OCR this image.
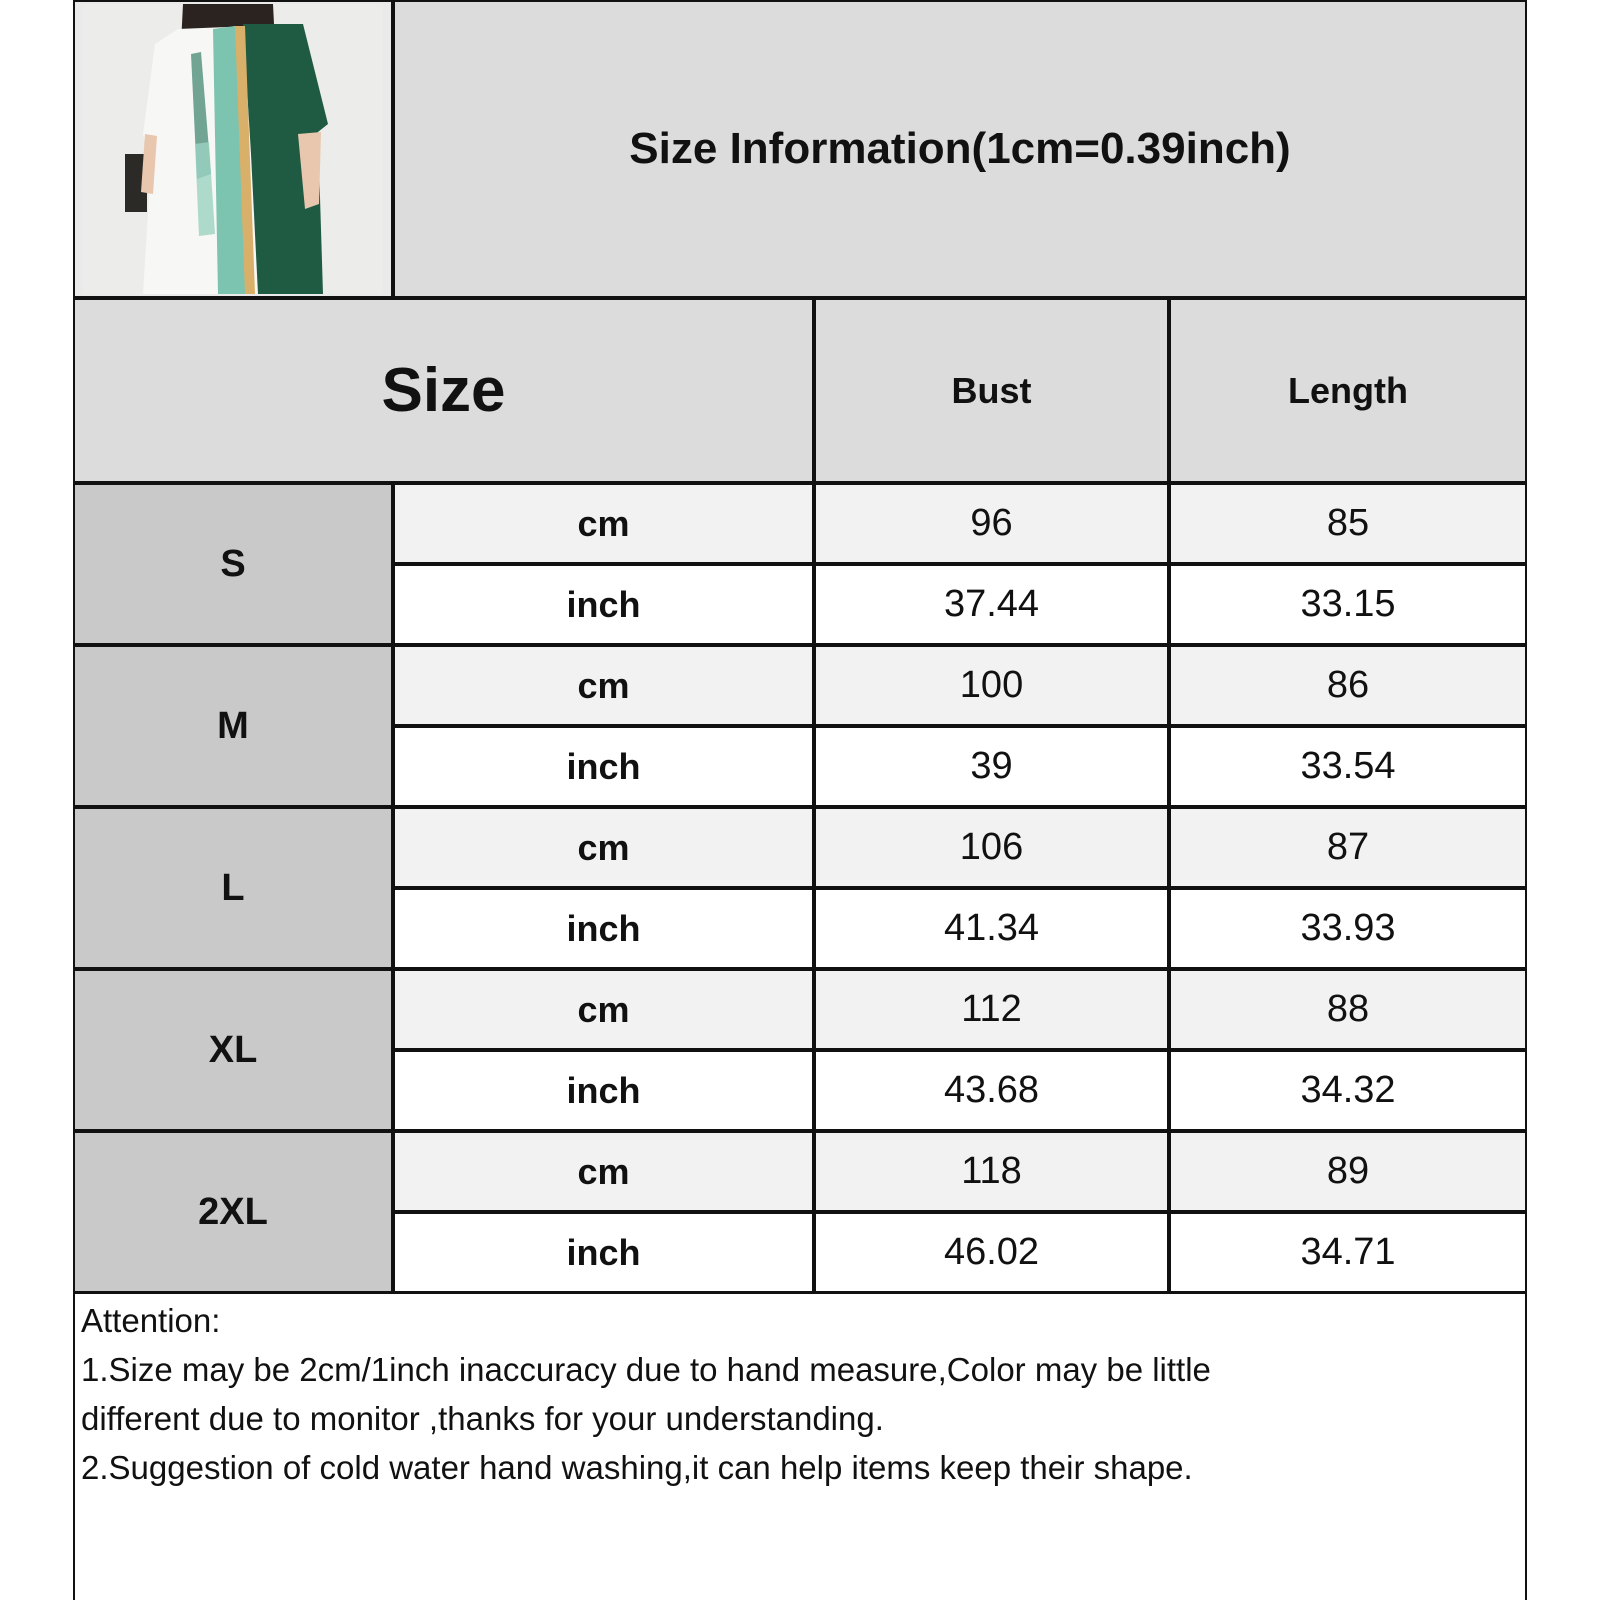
Size Information(1cm=0.39inch)
Size	Bust	Length
S
cm	96	85
inch	37.44	33.15
M
cm	100	86
inch	39	33.54
L
cm	106	87
inch	41.34	33.93
XL
cm	112	88
inch	43.68	34.32
2XL
cm	118	89
inch	46.02	34.71
Attention:
1.Size may be 2cm/1inch inaccuracy due to hand measure,Color may be little
different due to monitor ,thanks for your understanding.
2.Suggestion of cold water hand washing,it can help items keep their shape.
